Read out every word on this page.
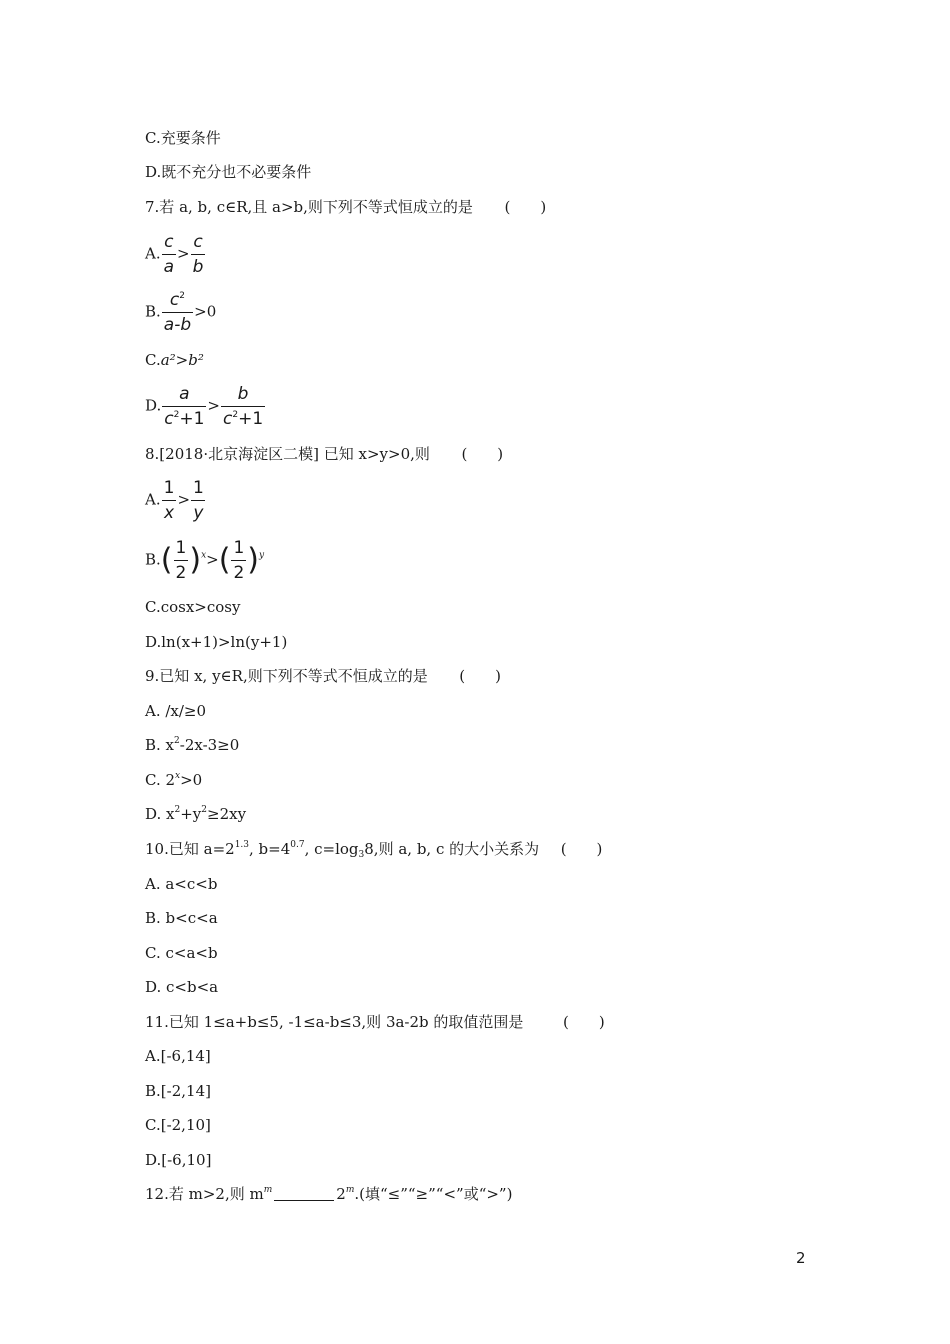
C.充要条件
D.既不充分也不必要条件
7.若 a, b, c∈R,且 a>b,则下列不等式恒成立的是 (　　)
A. $\frac{c}{a} > \frac{c}{b}$
B. $\frac{c^2}{a-b} >0$
C.a²>b²
D. $\frac{a}{c^2+1} > \frac{b}{c^2+1}$
8.[2018·北京海淀区二模] 已知 x>y>0,则 (　　)
A. $\frac{1}{x} > \frac{1}{y}$
$B.( \frac{1}{2} )^x>( \frac{1}{2} )^y$
C.cosx>cosy
D.ln(x+1)>ln(y+1)
9.已知 x, y∈R,则下列不等式不恒成立的是 (　　)
A. /x/≥0
B. $x^2-2x-3\ge 0$
C. $2^x>0$
D. $x^2+y^2\ge 2xy$
10.已知 $a=2^{1.3}$, $b=4^{0.7}$, $c=\log_38$,则 a, b, c 的大小关系为 (　　)
A. a<c<b
B. b<c<a
C. c<a<b
D. c<b<a
11.已知 1≤a+b≤5, -1≤a-b≤3,则 3a-2b 的取值范围是	(　　)
A.[-6,14]
B.[-2,14]
C.[-2,10]
D.[-6,10]
12.若 m>2,则 $m^m$	2$^m$.(填“≤”“≥”“<”或“>”)
2
